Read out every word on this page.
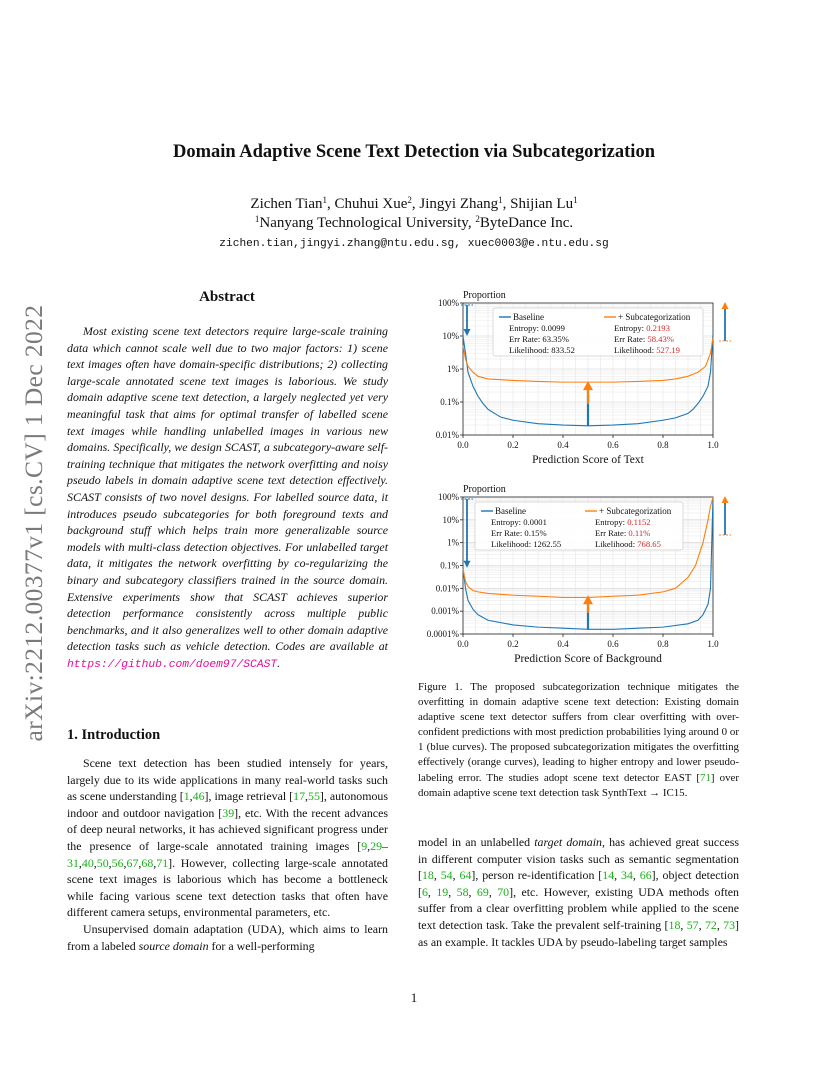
Domain Adaptive Scene Text Detection via Subcategorization
Zichen Tian$^1$, Chuhui Xue$^2$, Jingyi Zhang$^1$, Shijian Lu$^1$
$^1$Nanyang Technological University, $^2$ByteDance Inc.
zichen.tian,jingyi.zhang@ntu.edu.sg, xuec0003@e.ntu.edu.sg
arXiv:2212.00377v1 [cs.CV] 1 Dec 2022
Abstract
Most existing scene text detectors require large-scale training data which cannot scale well due to two major factors: 1) scene text images often have domain-specific distributions; 2) collecting large-scale annotated scene text images is laborious. We study domain adaptive scene text detection, a largely neglected yet very meaningful task that aims for optimal transfer of labelled scene text images while handling unlabelled images in various new domains. Specifically, we design SCAST, a subcategory-aware self-training technique that mitigates the network overfitting and noisy pseudo labels in domain adaptive scene text detection effectively. SCAST consists of two novel designs. For labelled source data, it introduces pseudo subcategories for both foreground texts and background stuff which helps train more generalizable source models with multi-class detection objectives. For unlabelled target data, it mitigates the network overfitting by co-regularizing the binary and subcategory classifiers trained in the source domain. Extensive experiments show that SCAST achieves superior detection performance consistently across multiple public benchmarks, and it also generalizes well to other domain adaptive detection tasks such as vehicle detection. Codes are available at https://github.com/doem97/SCAST.
1. Introduction

Scene text detection has been studied intensely for years, largely due to its wide applications in many real-world tasks such as scene understanding [1,46], image retrieval [17,55], autonomous indoor and outdoor navigation [39], etc. With the recent advances of deep neural networks, it has achieved significant progress under the presence of large-scale annotated training images [9,29–31,40,50,56,67,68,71]. However, collecting large-scale annotated scene text images is laborious which has become a bottleneck while facing various scene text detection tasks that often have different camera setups, environmental parameters, etc.

Unsupervised domain adaptation (UDA), which aims to learn from a labeled source domain for a well-performing

0.01%
0.1%
1%
10%
100%
0.0	0.2	0.4	0.6	0.8	1.0
Proportion
Prediction Score of Text
Baseline
Entropy: 0.0099
Err Rate: 63.35%
Likelihood: 833.52
+ Subcategorization
Entropy: 0.2193
Err Rate: 58.43%
Likelihood: 527.19
0.0001%
0.001%
0.01%
0.1%
1%
10%
100%
0.0	0.2	0.4	0.6	0.8	1.0
Proportion
Prediction Score of Background
Baseline
Entropy: 0.0001
Err Rate: 0.15%
Likelihood: 1262.55
+ Subcategorization
Entropy: 0.1152
Err Rate: 0.11%
Likelihood: 768.65
Figure 1. The proposed subcategorization technique mitigates the overfitting in domain adaptive scene text detection: Existing domain adaptive scene text detector suffers from clear overfitting with over-confident predictions with most prediction probabilities lying around 0 or 1 (blue curves). The proposed subcategorization mitigates the overfitting effectively (orange curves), leading to higher entropy and lower pseudo-labeling error. The studies adopt scene text detector EAST [71] over domain adaptive scene text detection task SynthText → IC15.
model in an unlabelled target domain, has achieved great success in different computer vision tasks such as semantic segmentation [18, 54, 64], person re-identification [14, 34, 66], object detection [6, 19, 58, 69, 70], etc. However, existing UDA methods often suffer from a clear overfitting problem while applied to the scene text detection task. Take the prevalent self-training [18, 57, 72, 73] as an example. It tackles UDA by pseudo-labeling target samples
1
